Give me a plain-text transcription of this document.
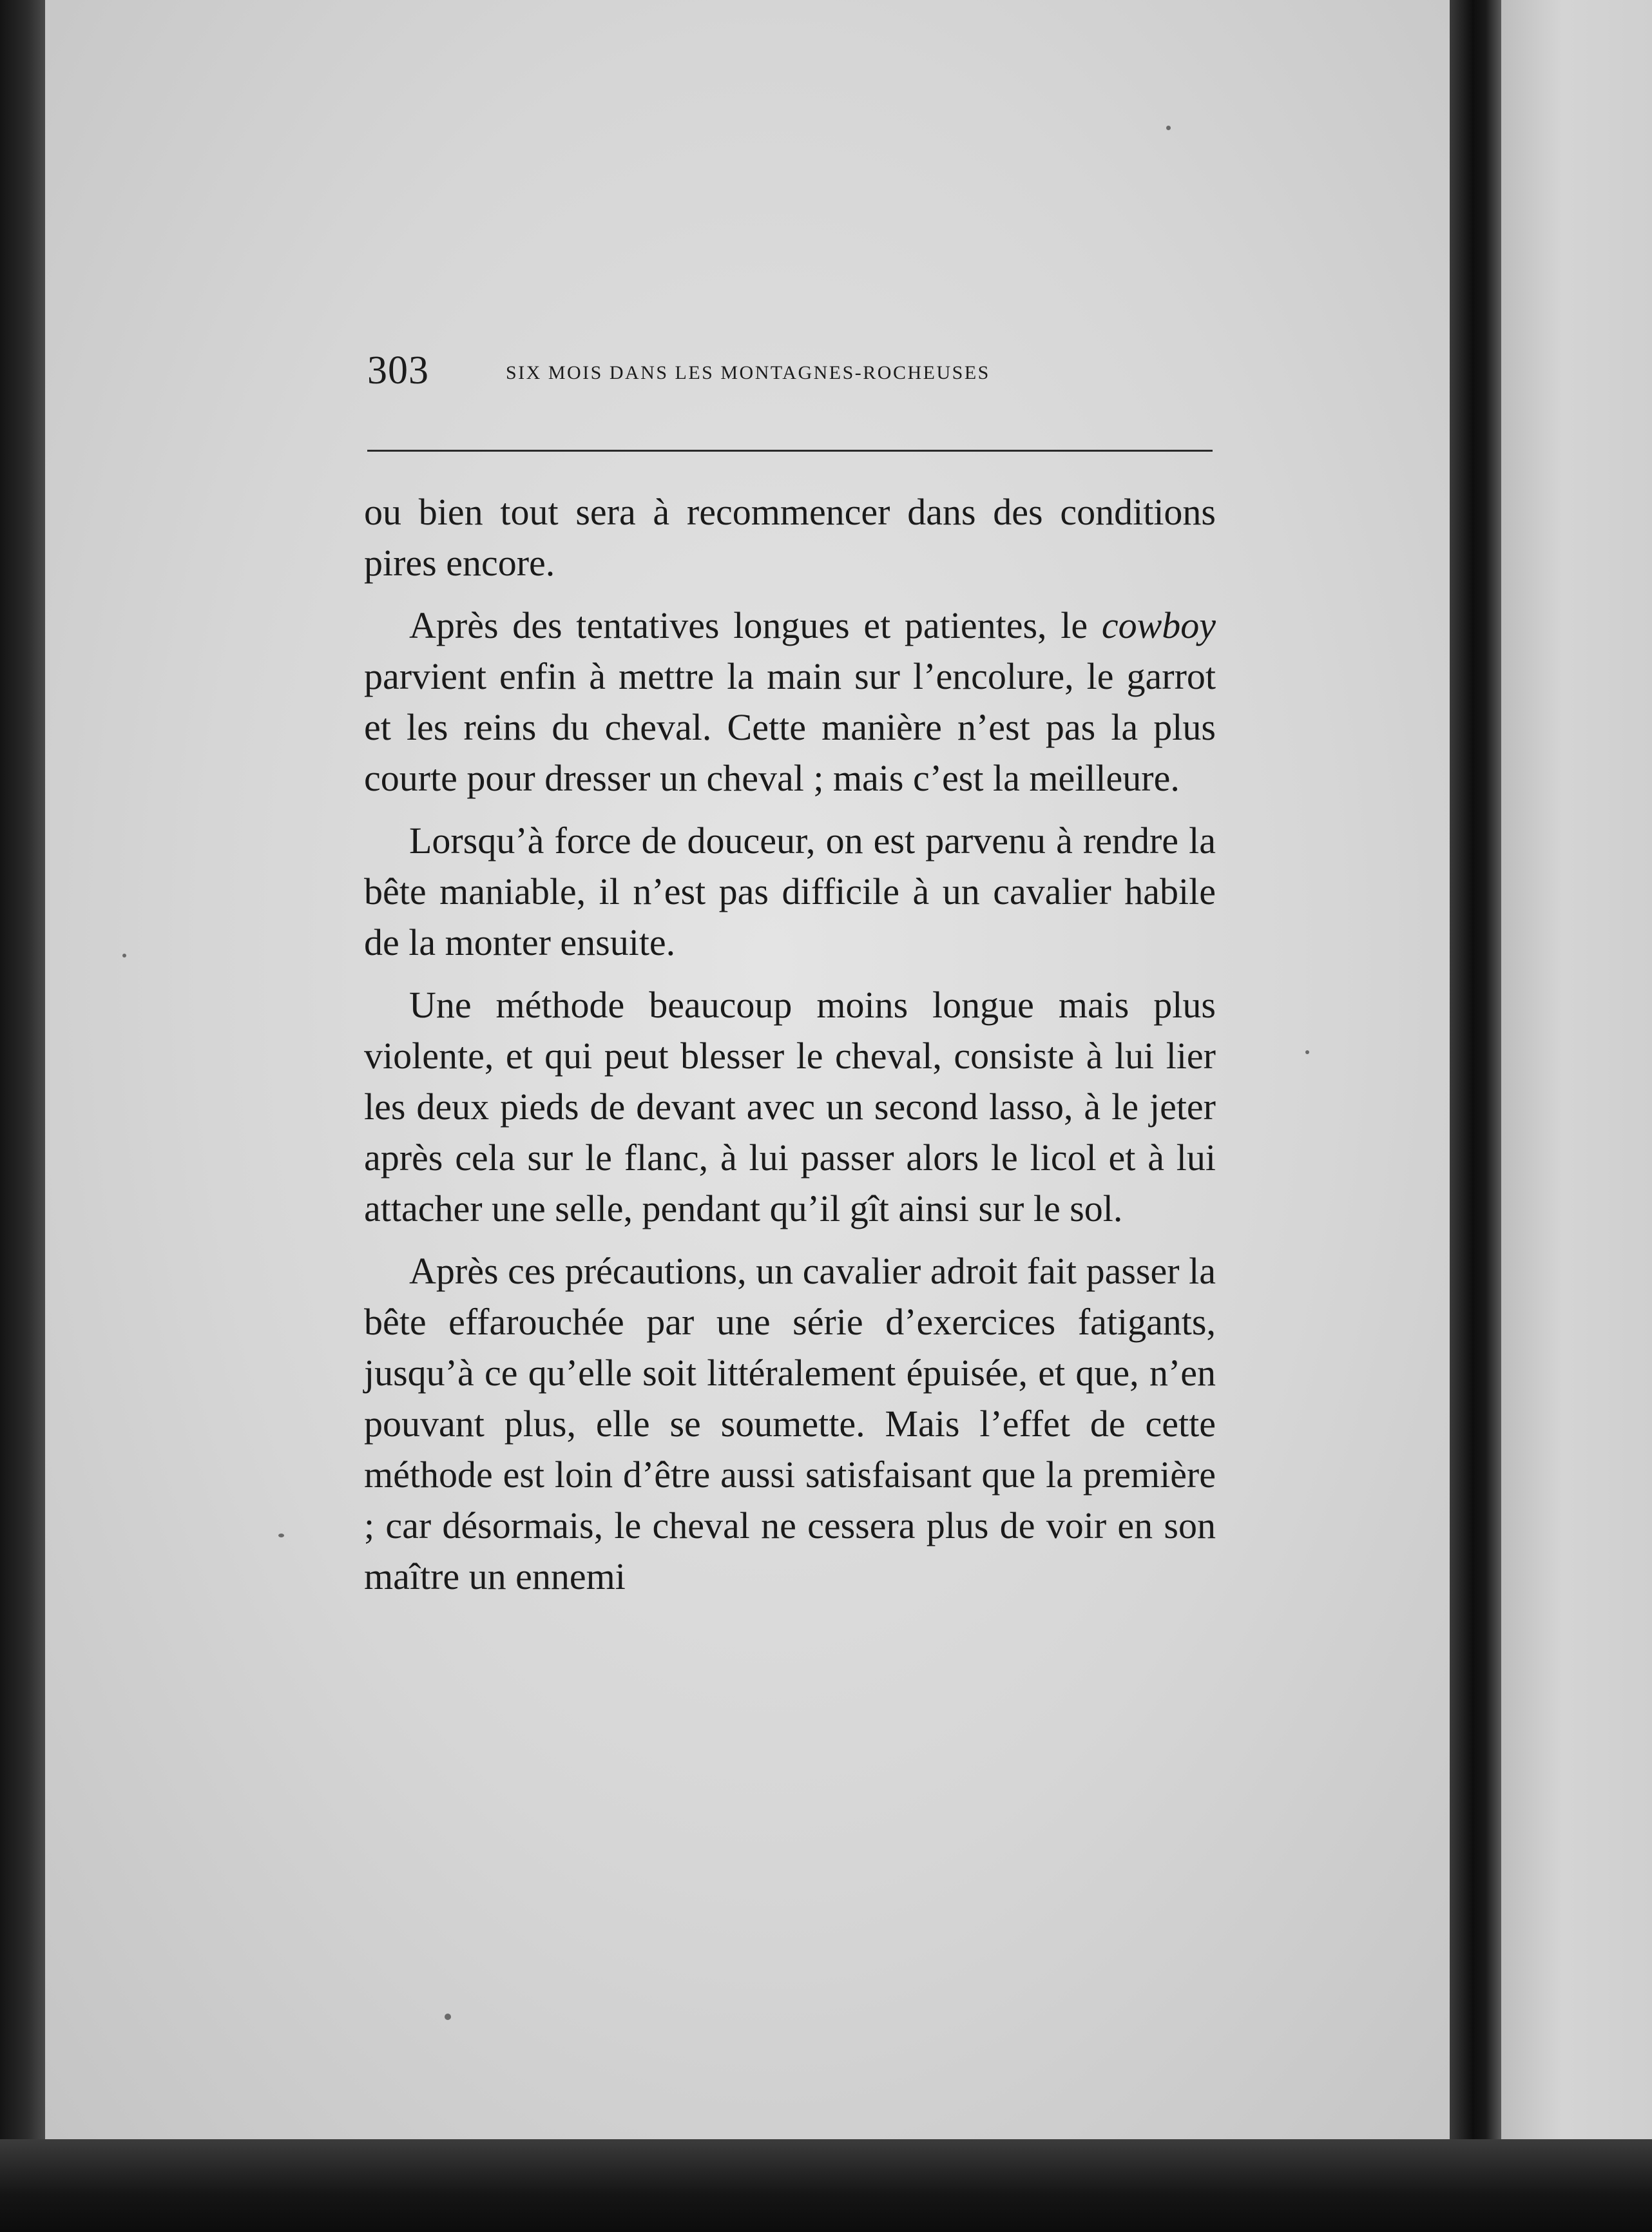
303	SIX MOIS DANS LES MONTAGNES-ROCHEUSES

ou bien tout sera à recommencer dans des conditions pires encore.

Après des tentatives longues et patientes, le cowboy parvient enfin à mettre la main sur l’encolure, le garrot et les reins du cheval. Cette manière n’est pas la plus courte pour dresser un cheval ; mais c’est la meilleure.

Lorsqu’à force de douceur, on est parvenu à rendre la bête maniable, il n’est pas difficile à un cavalier habile de la monter ensuite.

Une méthode beaucoup moins longue mais plus violente, et qui peut blesser le cheval, consiste à lui lier les deux pieds de devant avec un second lasso, à le jeter après cela sur le flanc, à lui passer alors le licol et à lui attacher une selle, pendant qu’il gît ainsi sur le sol.

Après ces précautions, un cavalier adroit fait passer la bête effarouchée par une série d’exercices fatigants, jusqu’à ce qu’elle soit littéralement épuisée, et que, n’en pouvant plus, elle se soumette. Mais l’effet de cette méthode est loin d’être aussi satisfaisant que la première ; car désormais, le cheval ne cessera plus de voir en son maître un ennemi
